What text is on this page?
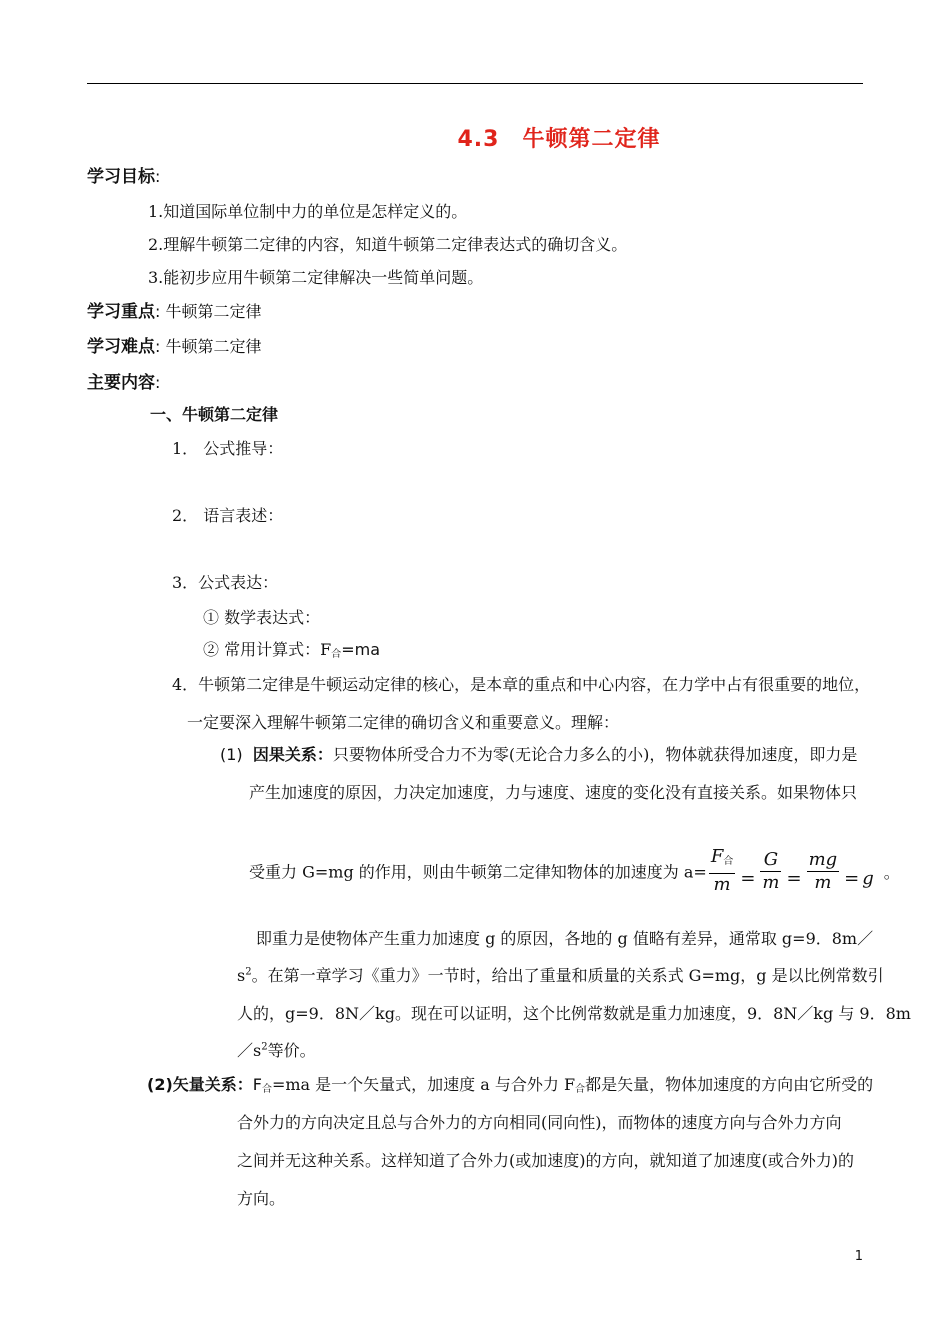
4.3　牛顿第二定律
学习目标:
1.知道国际单位制中力的单位是怎样定义的。
2.理解牛顿第二定律的内容，知道牛顿第二定律表达式的确切含义。
3.能初步应用牛顿第二定律解决一些简单问题。
学习重点: 牛顿第二定律
学习难点: 牛顿第二定律
主要内容:
一、牛顿第二定律
1． 公式推导：
2． 语言表述：
3．公式表达：
① 数学表达式：
② 常用计算式：$F_合=ma$
4．牛顿第二定律是牛顿运动定律的核心，是本章的重点和中心内容，在力学中占有很重要的地位，
一定要深入理解牛顿第二定律的确切含义和重要意义。理解：
(1) 因果关系：只要物体所受合力不为零(无论合力多么的小)，物体就获得加速度，即力是
产生加速度的原因，力决定加速度，力与速度、速度的变化没有直接关系。如果物体只
受重力 G=mg 的作用，则由牛顿第二定律知物体的加速度为 $a= \frac{F_合}{m} = \frac{G}{m} = \frac{mg}{m} = g$ 。
即重力是使物体产生重力加速度 g 的原因，各地的 g 值略有差异，通常取 g=9．8m／
$s^2$。在第一章学习《重力》一节时，给出了重量和质量的关系式 G=mg，g 是以比例常数引
人的，g=9．8N／kg。现在可以证明，这个比例常数就是重力加速度，9．8N／kg 与 9．8m
$/s^2$等价。
(2)矢量关系：$F_合=ma$ 是一个矢量式，加速度 a 与合外力 $F_合$都是矢量，物体加速度的方向由它所受的
合外力的方向决定且总与合外力的方向相同(同向性)，而物体的速度方向与合外力方向
之间并无这种关系。这样知道了合外力(或加速度)的方向，就知道了加速度(或合外力)的
方向。
1
